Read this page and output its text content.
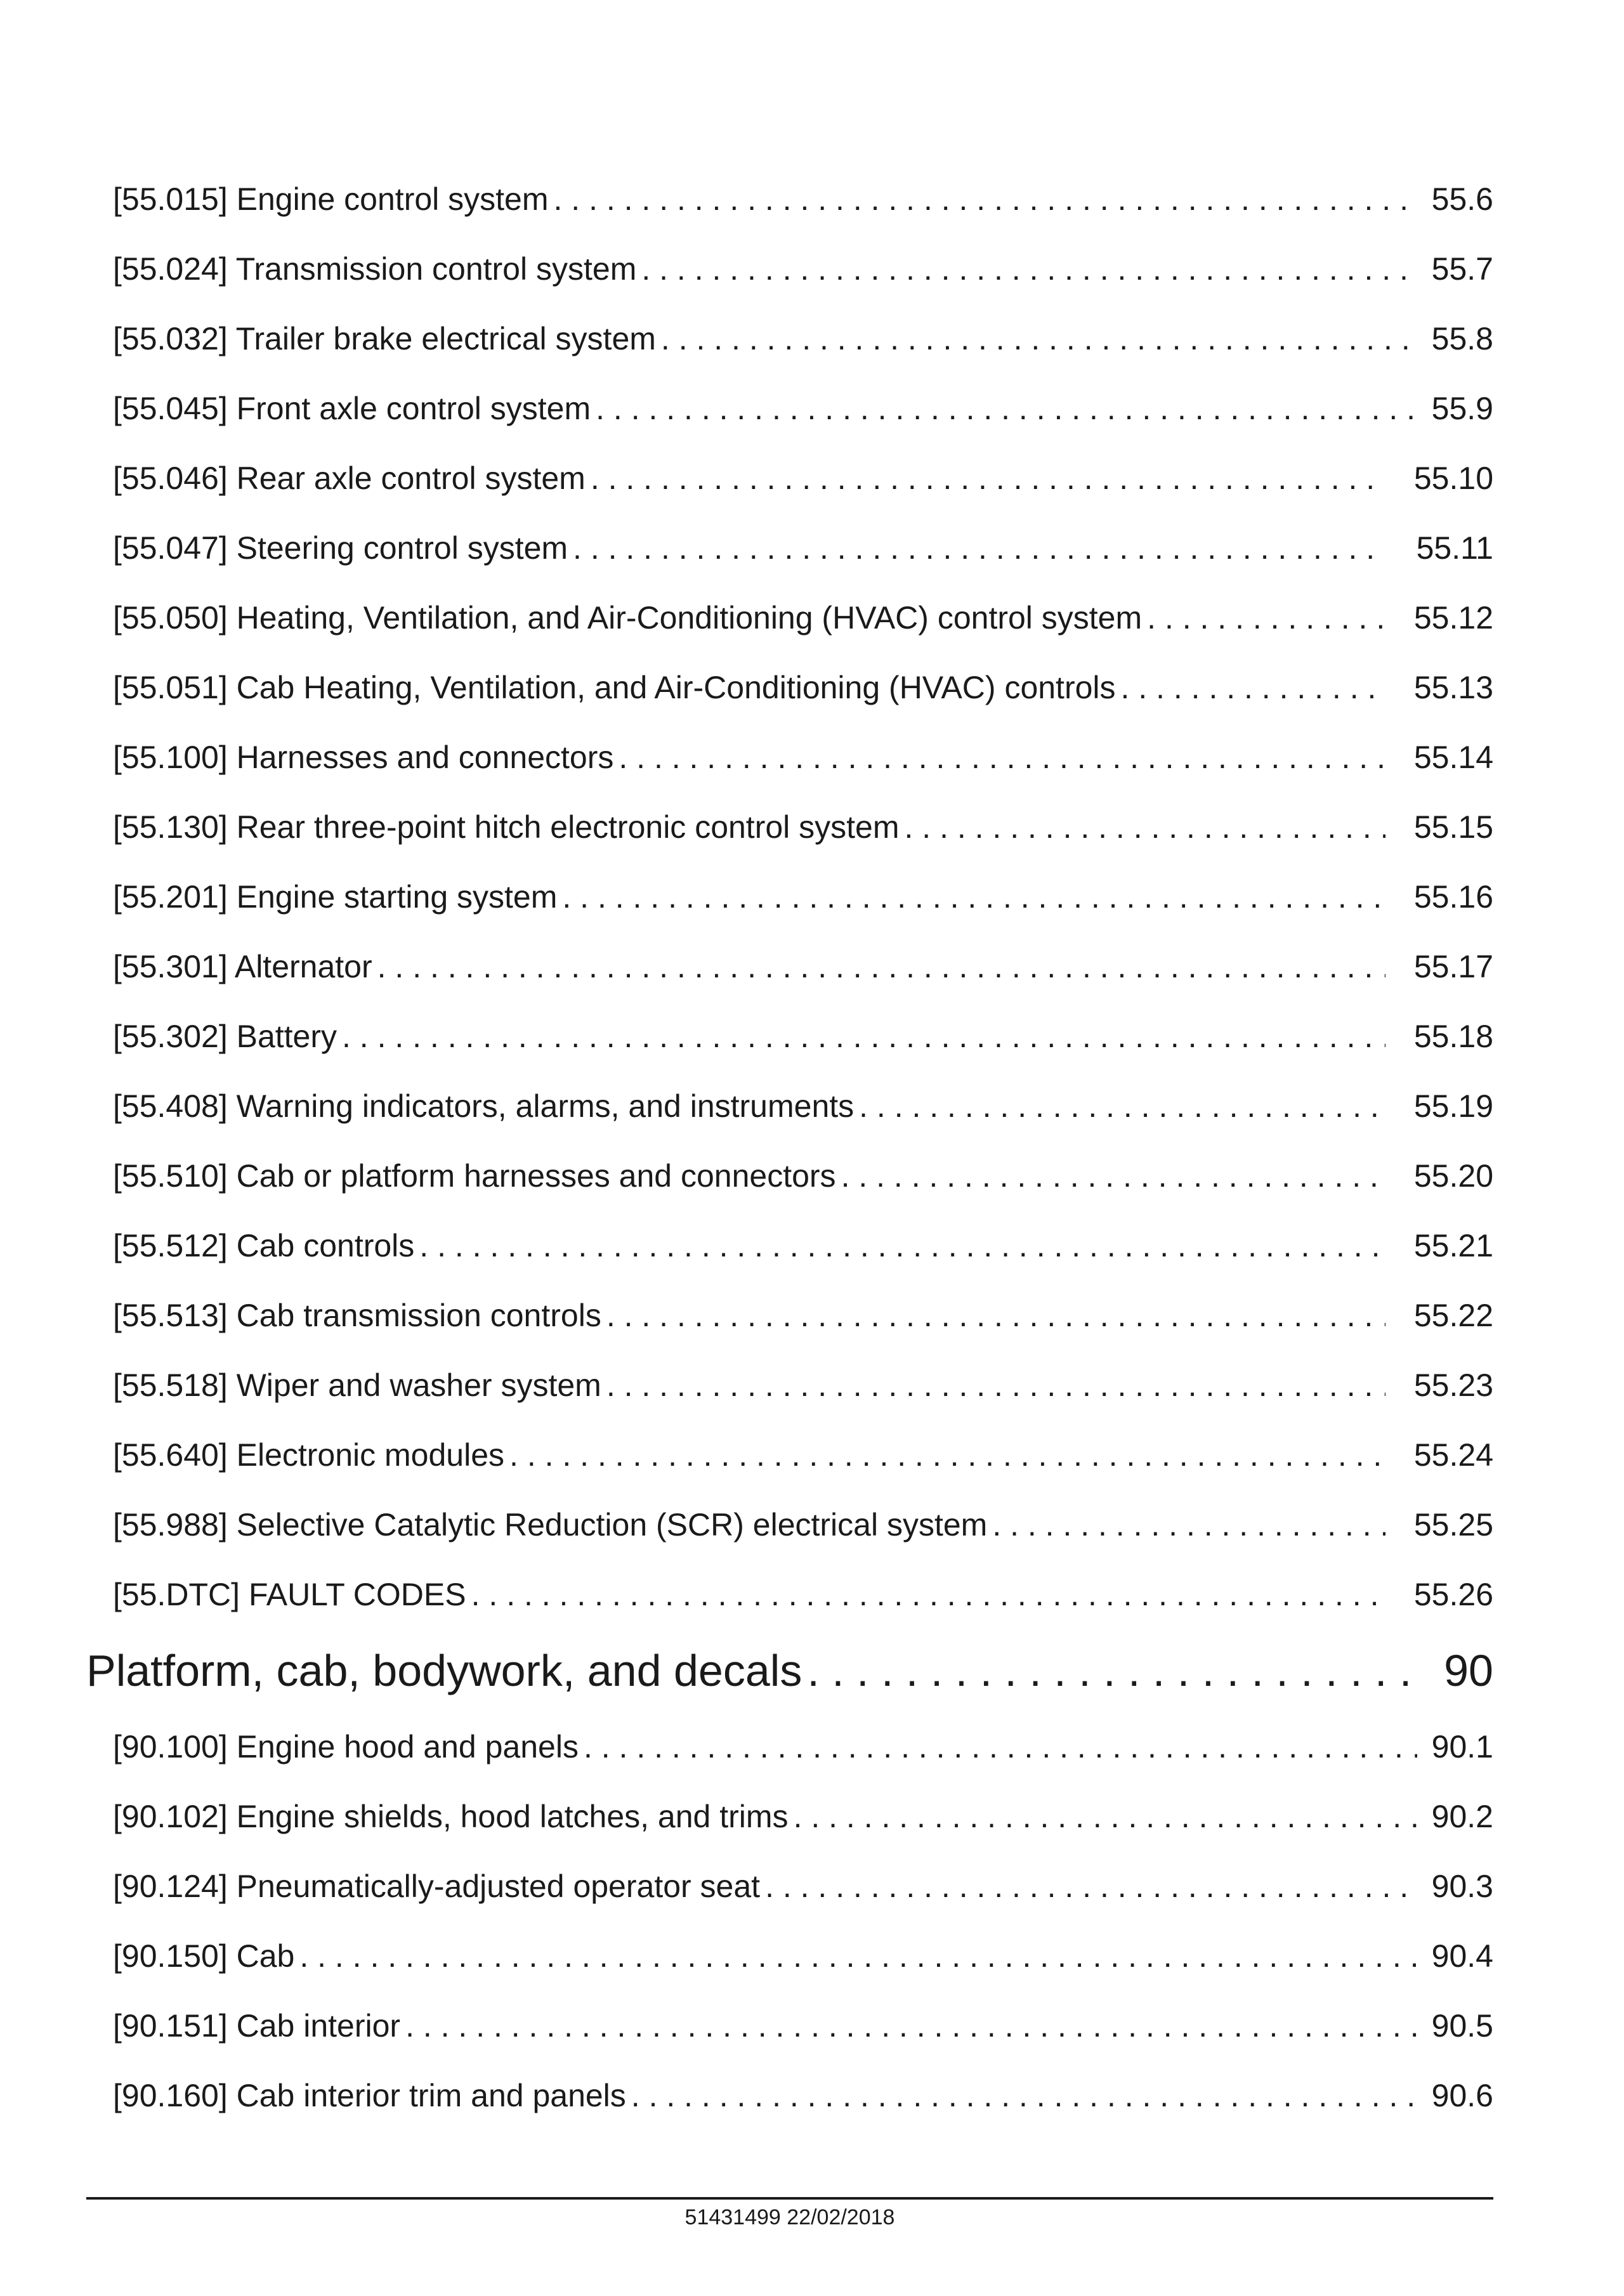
[55.015] Engine control system . . .	55.6
[55.024] Transmission control system . . .	55.7
[55.032] Trailer brake electrical system . . .	55.8
[55.045] Front axle control system . . .	55.9
[55.046] Rear axle control system . . .	55.10
[55.047] Steering control system . . .	55.11
[55.050] Heating, Ventilation, and Air-Conditioning (HVAC) control system . . .	55.12
[55.051] Cab Heating, Ventilation, and Air-Conditioning (HVAC) controls . . .	55.13
[55.100] Harnesses and connectors . . .	55.14
[55.130] Rear three-point hitch electronic control system . . .	55.15
[55.201] Engine starting system . . .	55.16
[55.301] Alternator . . .	55.17
[55.302] Battery . . .	55.18
[55.408] Warning indicators, alarms, and instruments . . .	55.19
[55.510] Cab or platform harnesses and connectors . . .	55.20
[55.512] Cab controls . . .	55.21
[55.513] Cab transmission controls . . .	55.22
[55.518] Wiper and washer system . . .	55.23
[55.640] Electronic modules . . .	55.24
[55.988] Selective Catalytic Reduction (SCR) electrical system . . .	55.25
[55.DTC] FAULT CODES . . .	55.26
Platform, cab, bodywork, and decals . . .	90
[90.100] Engine hood and panels . . .	90.1
[90.102] Engine shields, hood latches, and trims . . .	90.2
[90.124] Pneumatically-adjusted operator seat . . .	90.3
[90.150] Cab . . .	90.4
[90.151] Cab interior . . .	90.5
[90.160] Cab interior trim and panels . . .	90.6
51431499 22/02/2018
